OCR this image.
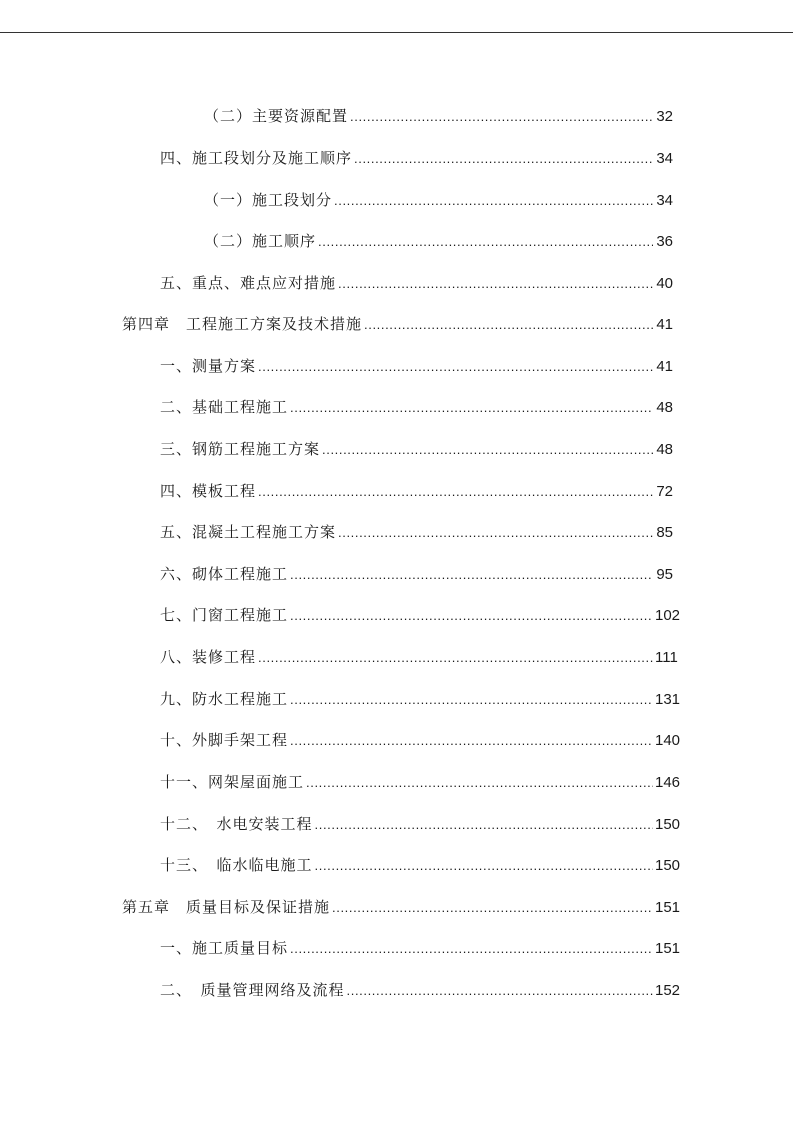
（二）主要资源配置 .....	32
四、施工段划分及施工顺序 .....	34
（一）施工段划分 .....	34
（二）施工顺序 .....	36
五、重点、难点应对措施 .....	40
第四章　工程施工方案及技术措施 .....	41
一、测量方案 .....	41
二、基础工程施工 .....	48
三、钢筋工程施工方案 .....	48
四、模板工程 .....	72
五、混凝土工程施工方案 .....	85
六、砌体工程施工 .....	95
七、门窗工程施工 .....	102
八、装修工程 .....	111
九、防水工程施工 .....	131
十、外脚手架工程 .....	140
十一、网架屋面施工 .....	146
十二、　水电安装工程 .....	150
十三、　临水临电施工 .....	150
第五章　质量目标及保证措施 .....	151
一、施工质量目标 .....	151
二、　质量管理网络及流程 .....	152
